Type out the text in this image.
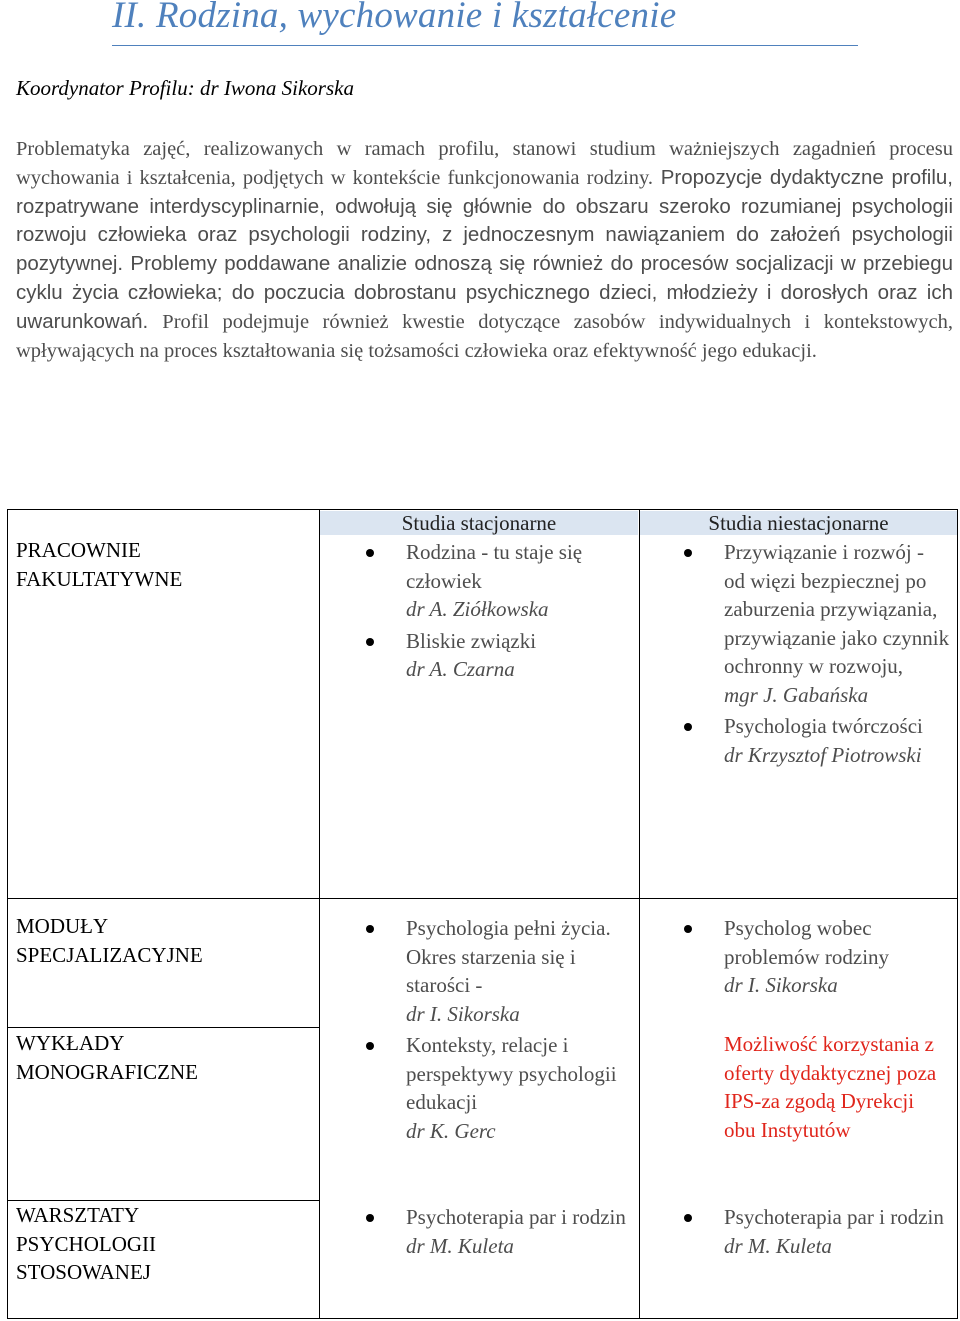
II. Rodzina, wychowanie i kształcenie

Koordynator Profilu: dr Iwona Sikorska

Problematyka zajęć, realizowanych w ramach profilu, stanowi studium ważniejszych zagadnień procesu wychowania i kształcenia, podjętych w kontekście funkcjonowania rodziny. Propozycje dydaktyczne profilu, rozpatrywane interdyscyplinarnie, odwołują się głównie do obszaru szeroko rozumianej psychologii rozwoju człowieka oraz psychologii rodziny, z jednoczesnym nawiązaniem do założeń psychologii pozytywnej. Problemy poddawane analizie odnoszą się również do procesów socjalizacji w przebiegu cyklu życia człowieka; do poczucia dobrostanu psychicznego dzieci, młodzieży i dorosłych oraz ich uwarunkowań. Profil podejmuje również kwestie dotyczące zasobów indywidualnych i kontekstowych, wpływających na proces kształtowania się tożsamości człowieka oraz efektywność jego edukacji.

Studia stacjonarne	Studia niestacjonarne

PRACOWNIE FAKULTATYWNE

MODUŁY SPECJALIZACYJNE

WYKŁADY MONOGRAFICZNE

WARSZTATY PSYCHOLOGII STOSOWANEJ

Rodzina - tu staje się człowiek
dr A. Ziółkowska
Bliskie związki
dr A. Czarna
Przywiązanie i rozwój - od więzi bezpiecznej po zaburzenia przywiązania, przywiązanie jako czynnik ochronny w rozwoju,
mgr J. Gabańska
Psychologia twórczości dr Krzysztof Piotrowski
Psychologia pełni życia. Okres starzenia się i starości -
dr I. Sikorska
Konteksty, relacje i perspektywy psychologii edukacji
dr K. Gerc
Psycholog wobec problemów rodziny
dr I. Sikorska

Możliwość korzystania z oferty dydaktycznej poza IPS-za zgodą Dyrekcji obu Instytutów

Psychoterapia par i rodzin
dr M. Kuleta
Psychoterapia par i rodzin
dr M. Kuleta
